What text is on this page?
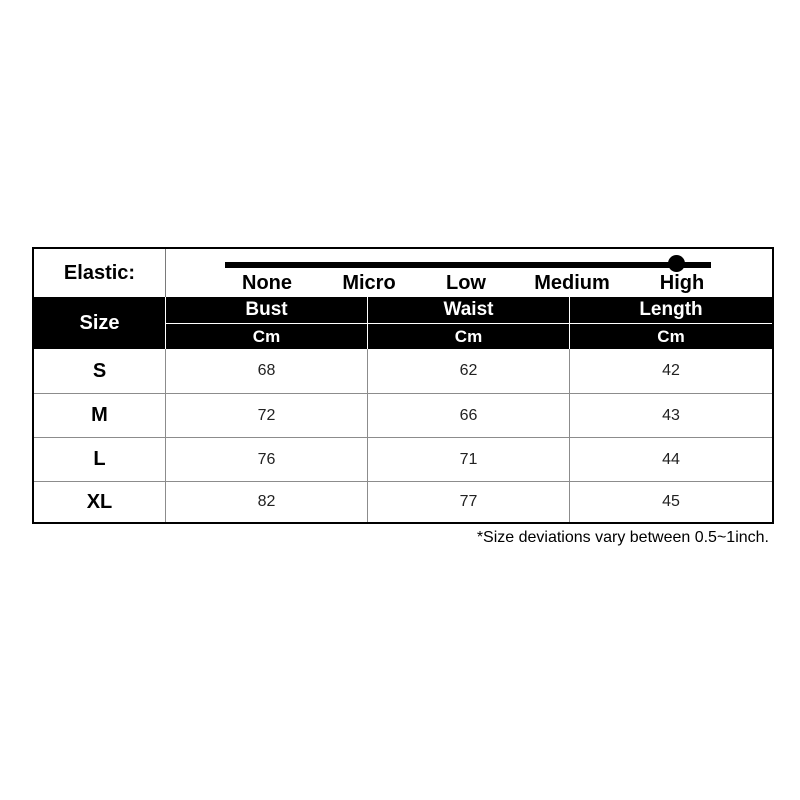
Elastic:	None	Micro	Low Medium	High
Size
Bust	Waist	Length
Cm	Cm	Cm
S	68	62	42
M	72	66	43
L	76	71	44
XL	82	77	45
*Size deviations vary between 0.5~1inch.
